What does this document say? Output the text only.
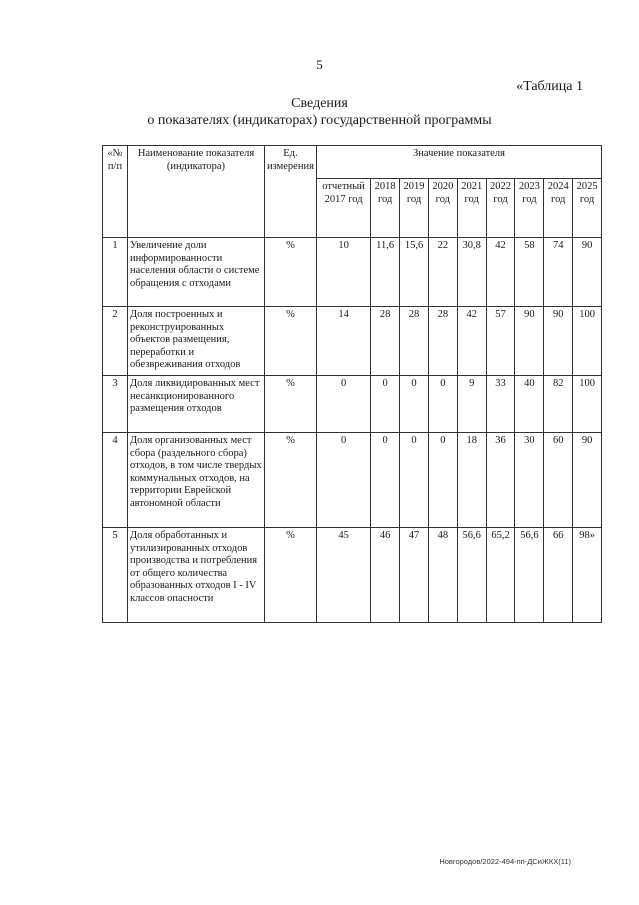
5
«Таблица 1
Сведения
о показателях (индикаторах) государственной программы
«№ п/п	Наименование показателя (индикатора)	Ед. измерения	Значение показателя								
			отчетный 2017 год	2018 год	2019 год	2020 год	2021 год	2022 год	2023 год	2024 год	2025 год
1	Увеличение доли информированности населения области о системе обращения с отходами	%	10	11,6	15,6	22	30,8	42	58	74	90
2	Доля построенных и реконструированных объектов размещения, переработки и обезвреживания отходов	%	14	28	28	28	42	57	90	90	100
3	Доля ликвидированных мест несанкционированного размещения отходов	%	0	0	0	0	9	33	40	82	100
4	Доля организованных мест сбора (раздельного сбора) отходов, в том числе твердых коммунальных отходов, на территории Еврейской автономной области	%	0	0	0	0	18	36	30	60	90
5	Доля обработанных и утилизированных отходов производства и потребления от общего количества образованных отходов I - IV классов опасности	%	45	46	47	48	56,6	65,2	56,6	66	98»
Новгородов/2022-494-пп-ДСиЖКХ(11)
